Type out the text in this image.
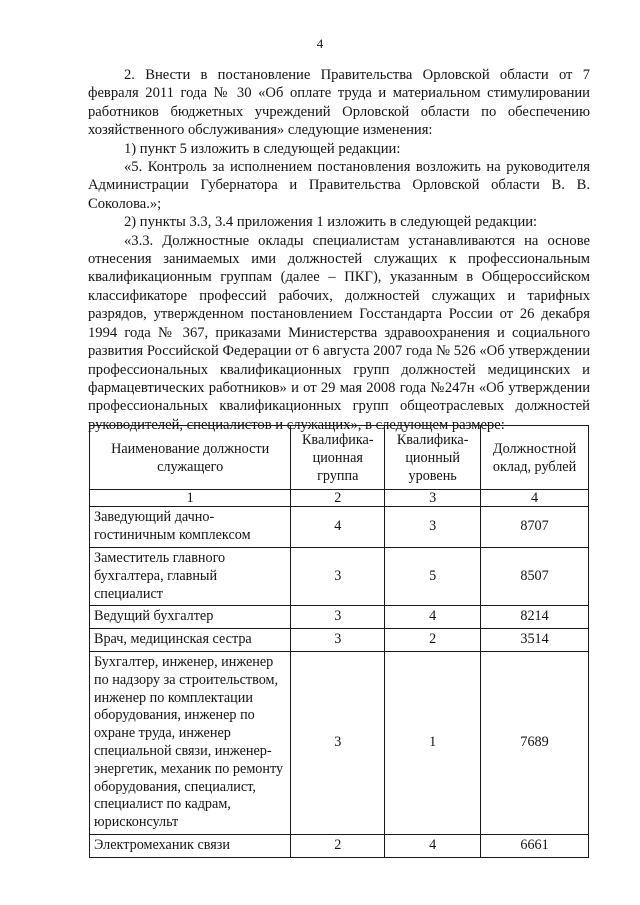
4

2. Внести в постановление Правительства Орловской области от 7 февраля 2011 года № 30 «Об оплате труда и материальном стимулировании работников бюджетных учреждений Орловской области по обеспечению хозяйственного обслуживания» следующие изменения:

1) пункт 5 изложить в следующей редакции:

«5. Контроль за исполнением постановления возложить на руководителя Администрации Губернатора и Правительства Орловской области В. В. Соколова.»;

2) пункты 3.3, 3.4 приложения 1 изложить в следующей редакции:

«3.3. Должностные оклады специалистам устанавливаются на основе отнесения занимаемых ими должностей служащих к профессиональным квалификационным группам (далее – ПКГ), указанным в Общероссийском классификаторе профессий рабочих, должностей служащих и тарифных разрядов, утвержденном постановлением Госстандарта России от 26 декабря 1994 года № 367, приказами Министерства здравоохранения и социального развития Российской Федерации от 6 августа 2007 года № 526 «Об утверждении профессиональных квалификационных групп должностей медицинских и фармацевтических работников» и от 29 мая 2008 года №247н «Об утверждении профессиональных квалификационных групп общеотраслевых должностей руководителей, специалистов и служащих», в следующем размере:

Наименование должности служащего	Квалификационная группа	Квалификационный уровень	Должностной оклад, рублей
1	2	3	4
Заведующий дачно-гостиничным комплексом	4	3	8707
Заместитель главного бухгалтера, главный специалист	3	5	8507
Ведущий бухгалтер	3	4	8214
Врач, медицинская сестра	3	2	3514
Бухгалтер, инженер, инженер по надзору за строительством, инженер по комплектации оборудования, инженер по охране труда, инженер специальной связи, инженер-энергетик, механик по ремонту оборудования, специалист, специалист по кадрам, юрисконсульт	3	1	7689
Электромеханик связи	2	4	6661
